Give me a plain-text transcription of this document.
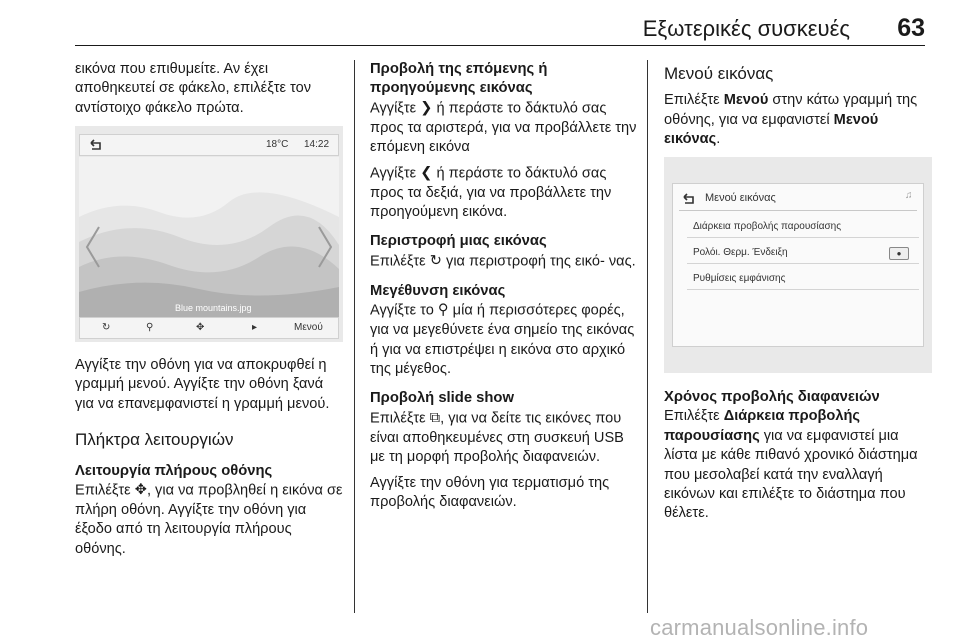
Εξωτερικές συσκευές 63

εικόνα που επιθυμείτε. Αν έχει αποθηκευτεί σε φάκελο, επιλέξτε τον αντίστοιχο φάκελο πρώτα.

18°C 14:22
Blue mountains.jpg
↻	⚲	✥	▸	Μενού

Αγγίξτε την οθόνη για να αποκρυφθεί η γραμμή μενού. Αγγίξτε την οθόνη ξανά για να επανεμφανιστεί η γραμμή μενού.

Πλήκτρα λειτουργιών
Λειτουργία πλήρους οθόνης

Επιλέξτε ✥, για να προβληθεί η εικόνα σε πλήρη οθόνη. Αγγίξτε την οθόνη για έξοδο από τη λειτουργία πλήρους οθόνης.

Προβολή της επόμενης ή προηγούμενης εικόνας

Αγγίξτε ❯ ή περάστε το δάκτυλό σας προς τα αριστερά, για να προβάλλετε την επόμενη εικόνα

Αγγίξτε ❮ ή περάστε το δάκτυλό σας προς τα δεξιά, για να προβάλλετε την προηγούμενη εικόνα.

Περιστροφή μιας εικόνας

Επιλέξτε ↻ για περιστροφή της εικό- νας.

Μεγέθυνση εικόνας

Αγγίξτε το ⚲ μία ή περισσότερες φορές, για να μεγεθύνετε ένα σημείο της εικόνας ή για να επιστρέψει η εικόνα στο αρχικό της μέγεθος.

Προβολή slide show

Επιλέξτε ⧉, για να δείτε τις εικόνες που είναι αποθηκευμένες στη συσκευή USB με τη μορφή προβολής διαφανειών.

Αγγίξτε την οθόνη για τερματισμό της προβολής διαφανειών.

Μενού εικόνας

Επιλέξτε Μενού στην κάτω γραμμή της οθόνης, για να εμφανιστεί Μενού εικόνας.

Μενού εικόνας	♫
Διάρκεια προβολής παρουσίασης
Ρολόι. Θερμ. Ένδειξη	●
Ρυθμίσεις εμφάνισης
Χρόνος προβολής διαφανειών

Επιλέξτε Διάρκεια προβολής παρουσίασης για να εμφανιστεί μια λίστα με κάθε πιθανό χρονικό διάστημα που μεσολαβεί κατά την εναλλαγή εικόνων και επιλέξτε το διάστημα που θέλετε.

carmanualsonline.info
